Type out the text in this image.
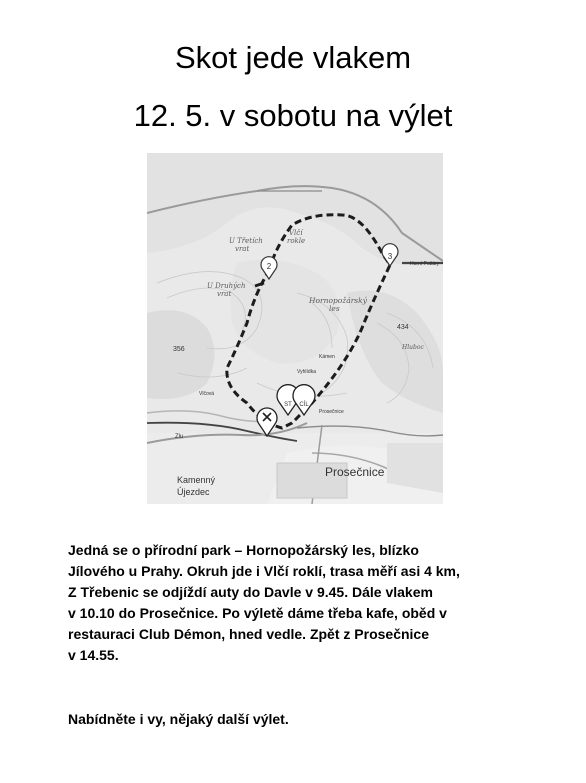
Skot jede vlakem
12. 5. v sobotu na výlet
U Třetích
vrat
Vlčí
rokle
U Druhých
vrat
Hornopožárský
les
Horní Požáry
434
356	Hluboc
Kámen
Vyhlídka
Vlčová
Prosečnice
Zlu
Prosečnice
Kamenný
Újezdec
2
3
ST CÍL

Jedná se o přírodní park – Hornopožárský les, blízko
Jílového u Prahy. Okruh jde i Vlčí roklí, trasa měří asi 4 km,
Z Třebenic se odjíždí auty do Davle v 9.45. Dále vlakem
v 10.10 do Prosečnice. Po výletě dáme třeba kafe, oběd v
restauraci Club Démon, hned vedle. Zpět z Prosečnice
v 14.55.

Nabídněte i vy, nějaký další výlet.
